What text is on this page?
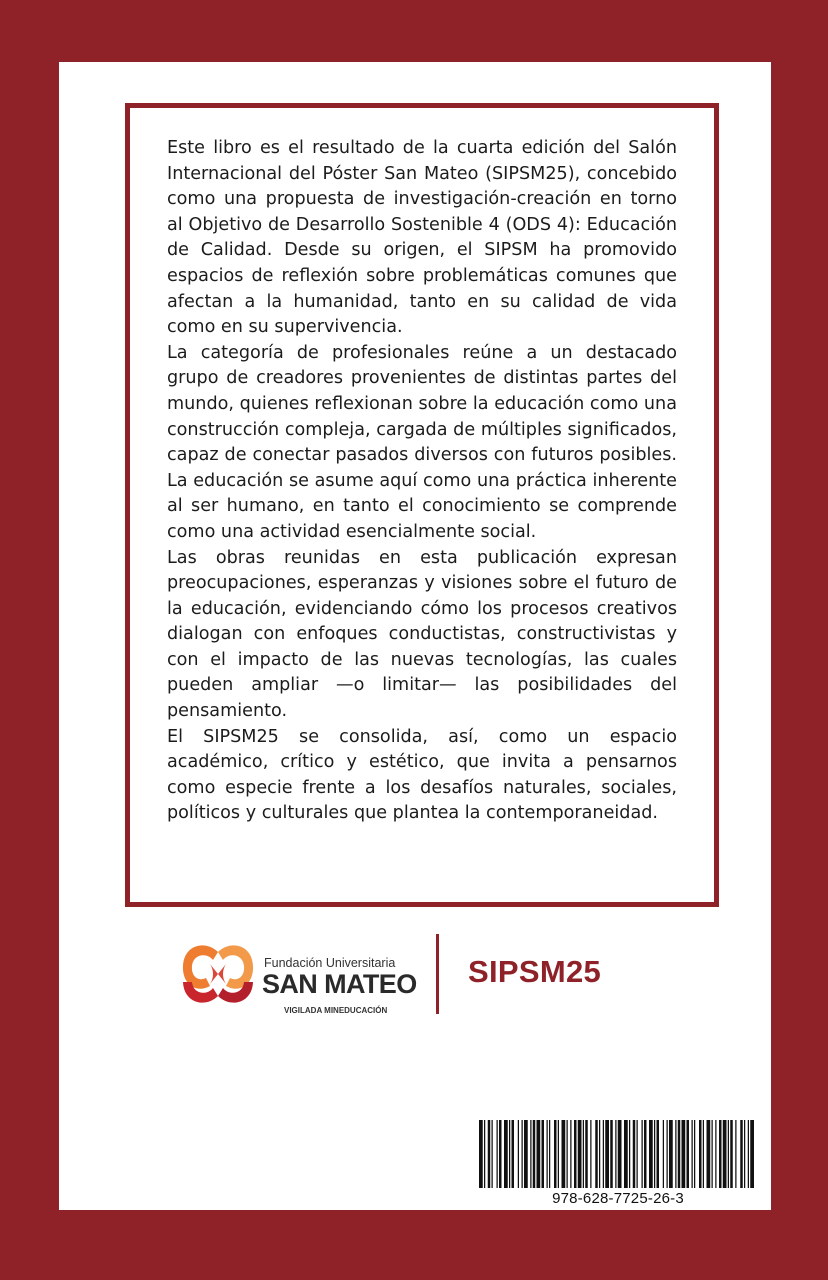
Este libro es el resultado de la cuarta edición del Salón Internacional del Póster San Mateo (SIPSM25), concebido como una propuesta de investigación-creación en torno al Objetivo de Desarrollo Sostenible 4 (ODS 4): Educación de Calidad. Desde su origen, el SIPSM ha promovido espacios de reflexión sobre problemáticas comunes que afectan a la humanidad, tanto en su calidad de vida como en su supervivencia.

La categoría de profesionales reúne a un destacado grupo de creadores provenientes de distintas partes del mundo, quienes reflexionan sobre la educación como una construcción compleja, cargada de múltiples significados, capaz de conectar pasados diversos con futuros posibles. La educación se asume aquí como una práctica inherente al ser humano, en tanto el conocimiento se comprende como una actividad esencialmente social.

Las obras reunidas en esta publicación expresan preocupaciones, esperanzas y visiones sobre el futuro de la educación, evidenciando cómo los procesos creativos dialogan con enfoques conductistas, constructivistas y con el impacto de las nuevas tecnologías, las cuales pueden ampliar —o limitar— las posibilidades del pensamiento.

El SIPSM25 se consolida, así, como un espacio académico, crítico y estético, que invita a pensarnos como especie frente a los desafíos naturales, sociales, políticos y culturales que plantea la contemporaneidad.

Fundación Universitaria
SAN MATEO
VIGILADA MINEDUCACIÓN
SIPSM25
978-628-7725-26-3
